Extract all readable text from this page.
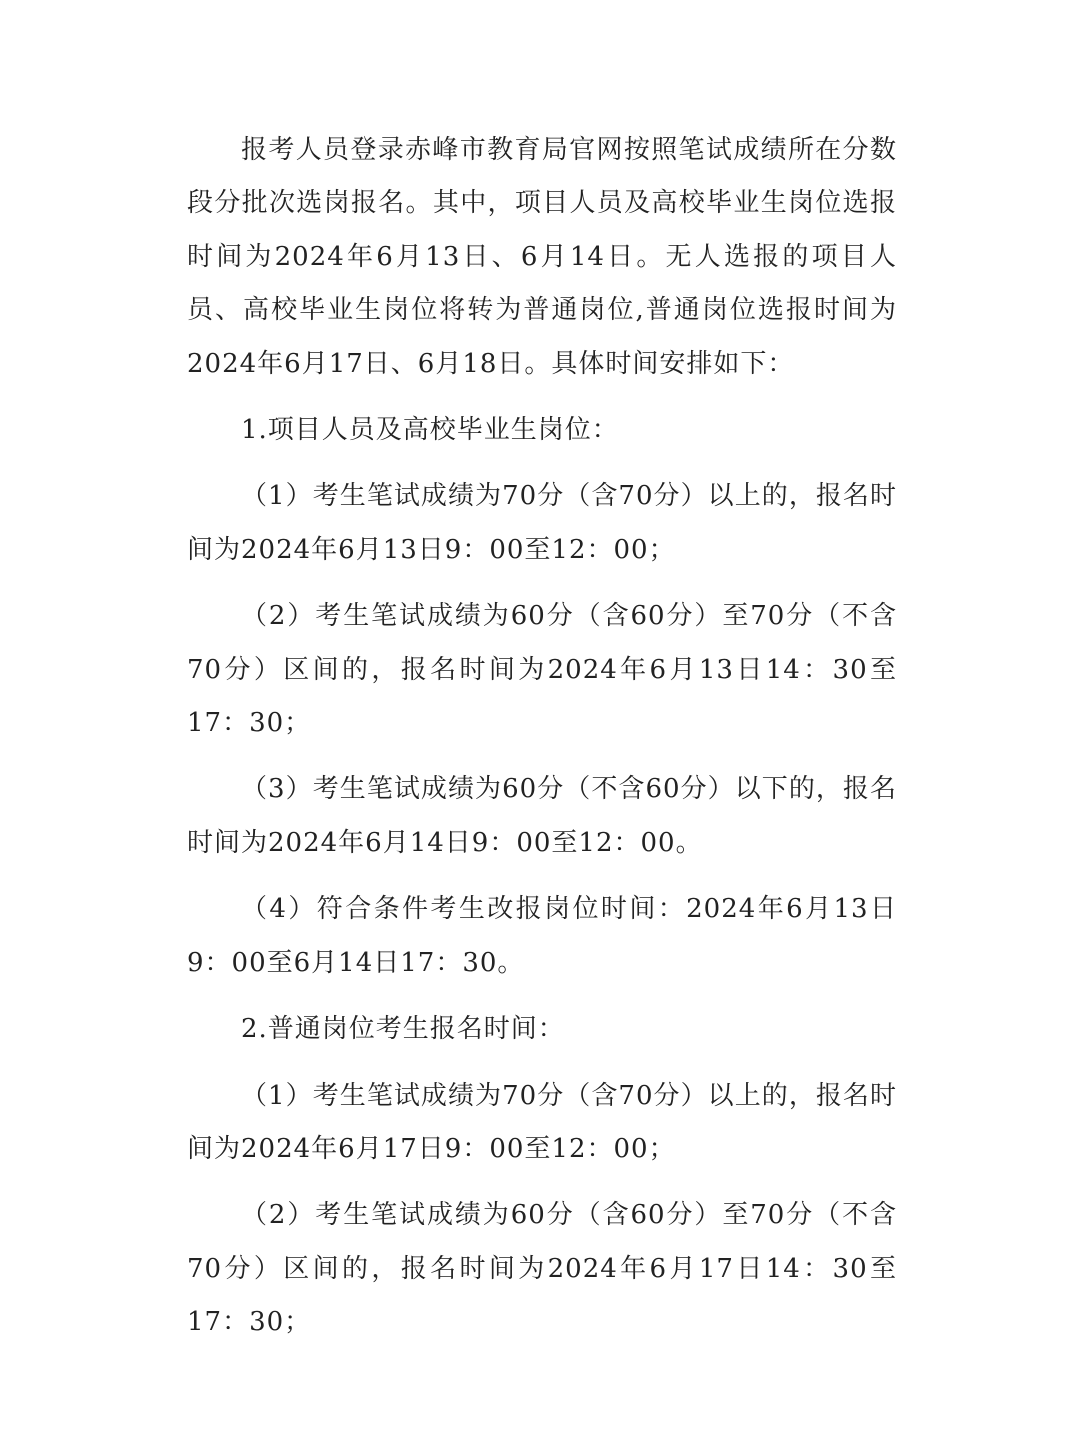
报考人员登录赤峰市教育局官网按照笔试成绩所在分数段分批次选岗报名。其中，项目人员及高校毕业生岗位选报时间为2024年6月13日、6月14日。无人选报的项目人员、高校毕业生岗位将转为普通岗位,普通岗位选报时间为2024年6月17日、6月18日。具体时间安排如下：

1.项目人员及高校毕业生岗位：

（1）考生笔试成绩为70分（含70分）以上的，报名时间为2024年6月13日9：00至12：00；

（2）考生笔试成绩为60分（含60分）至70分（不含70分）区间的，报名时间为2024年6月13日14：30至17：30；

（3）考生笔试成绩为60分（不含60分）以下的，报名时间为2024年6月14日9：00至12：00。

（4）符合条件考生改报岗位时间：2024年6月13日9：00至6月14日17：30。

2.普通岗位考生报名时间：

（1）考生笔试成绩为70分（含70分）以上的，报名时间为2024年6月17日9：00至12：00；

（2）考生笔试成绩为60分（含60分）至70分（不含70分）区间的，报名时间为2024年6月17日14：30至17：30；
